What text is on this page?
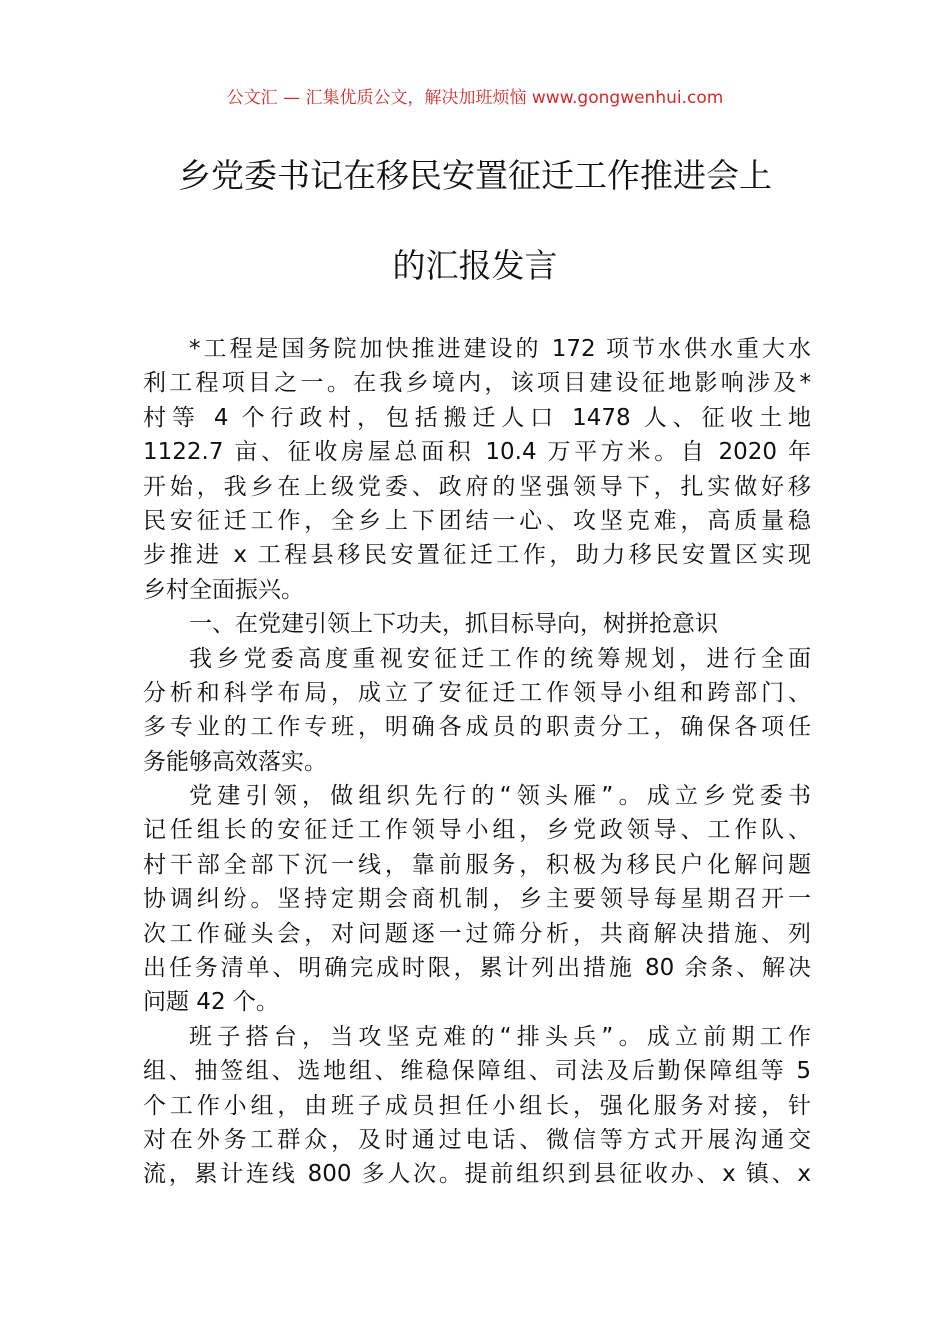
公文汇 — 汇集优质公文，解决加班烦恼 www.gongwenhui.com
乡党委书记在移民安置征迁工作推进会上
的汇报发言
*工程是国务院加快推进建设的 172 项节水供水重大水
利工程项目之一。在我乡境内，该项目建设征地影响涉及*
村等 4 个行政村，包括搬迁人口 1478 人、征收土地
1122.7 亩、征收房屋总面积 10.4 万平方米。自 2020 年
开始，我乡在上级党委、政府的坚强领导下，扎实做好移
民安征迁工作，全乡上下团结一心、攻坚克难，高质量稳
步推进 x 工程县移民安置征迁工作，助力移民安置区实现
乡村全面振兴。
一、在党建引领上下功夫，抓目标导向，树拼抢意识
我乡党委高度重视安征迁工作的统筹规划，进行全面
分析和科学布局，成立了安征迁工作领导小组和跨部门、
多专业的工作专班，明确各成员的职责分工，确保各项任
务能够高效落实。
党建引领，做组织先行的“领头雁”。成立乡党委书
记任组长的安征迁工作领导小组，乡党政领导、工作队、
村干部全部下沉一线，靠前服务，积极为移民户化解问题
协调纠纷。坚持定期会商机制，乡主要领导每星期召开一
次工作碰头会，对问题逐一过筛分析，共商解决措施、列
出任务清单、明确完成时限，累计列出措施 80 余条、解决
问题 42 个。
班子搭台，当攻坚克难的“排头兵”。成立前期工作
组、抽签组、选地组、维稳保障组、司法及后勤保障组等 5
个工作小组，由班子成员担任小组长，强化服务对接，针
对在外务工群众，及时通过电话、微信等方式开展沟通交
流，累计连线 800 多人次。提前组织到县征收办、x 镇、x
